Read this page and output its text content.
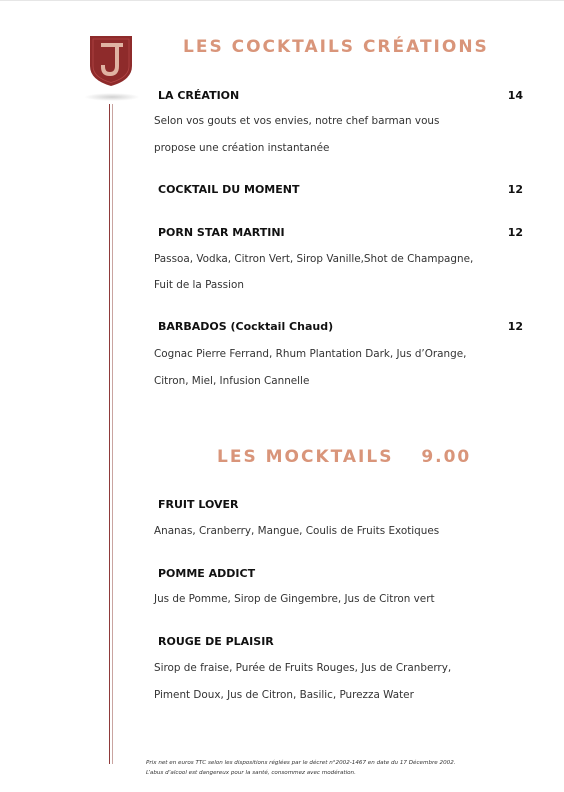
LES COCKTAILS CRÉATIONS
LA CRÉATION	14
Selon vos gouts et vos envies, notre chef barman vous
propose une création instantanée
COCKTAIL DU MOMENT	12
PORN STAR MARTINI	12
Passoa, Vodka, Citron Vert, Sirop Vanille,Shot de Champagne,
Fuit de la Passion
BARBADOS (Cocktail Chaud)	12
Cognac Pierre Ferrand, Rhum Plantation Dark, Jus d’Orange,
Citron, Miel, Infusion Cannelle
LES MOCKTAILS 9.00
FRUIT LOVER
Ananas, Cranberry, Mangue, Coulis de Fruits Exotiques
POMME ADDICT
Jus de Pomme, Sirop de Gingembre, Jus de Citron vert
ROUGE DE PLAISIR
Sirop de fraise, Purée de Fruits Rouges, Jus de Cranberry,
Piment Doux, Jus de Citron, Basilic, Purezza Water
Prix net en euros TTC selon les dispositions réglées par le décret n°2002-1467 en date du 17 Décembre 2002.
L’abus d’alcool est dangereux pour la santé, consommez avec modération.
